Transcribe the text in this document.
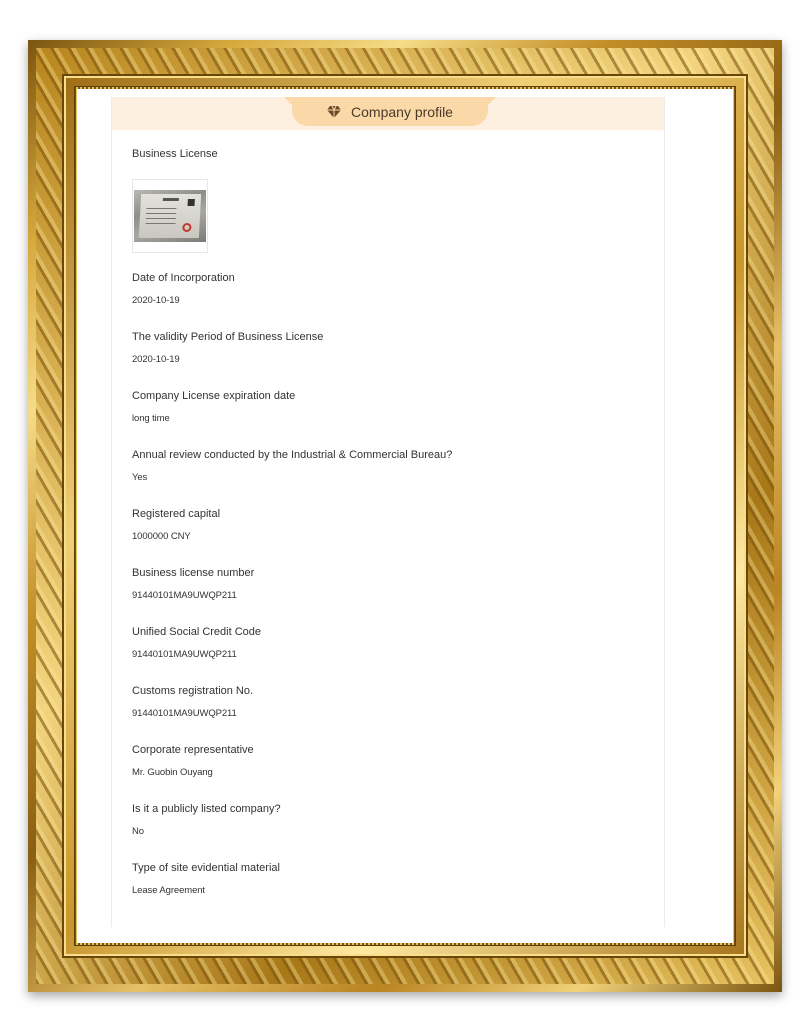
Company profile
Business License
Date of Incorporation
2020-10-19
The validity Period of Business License
2020-10-19
Company License expiration date
long time
Annual review conducted by the Industrial & Commercial Bureau?
Yes
Registered capital
1000000 CNY
Business license number
91440101MA9UWQP211
Unified Social Credit Code
91440101MA9UWQP211
Customs registration No.
91440101MA9UWQP211
Corporate representative
Mr. Guobin Ouyang
Is it a publicly listed company?
No
Type of site evidential material
Lease Agreement
